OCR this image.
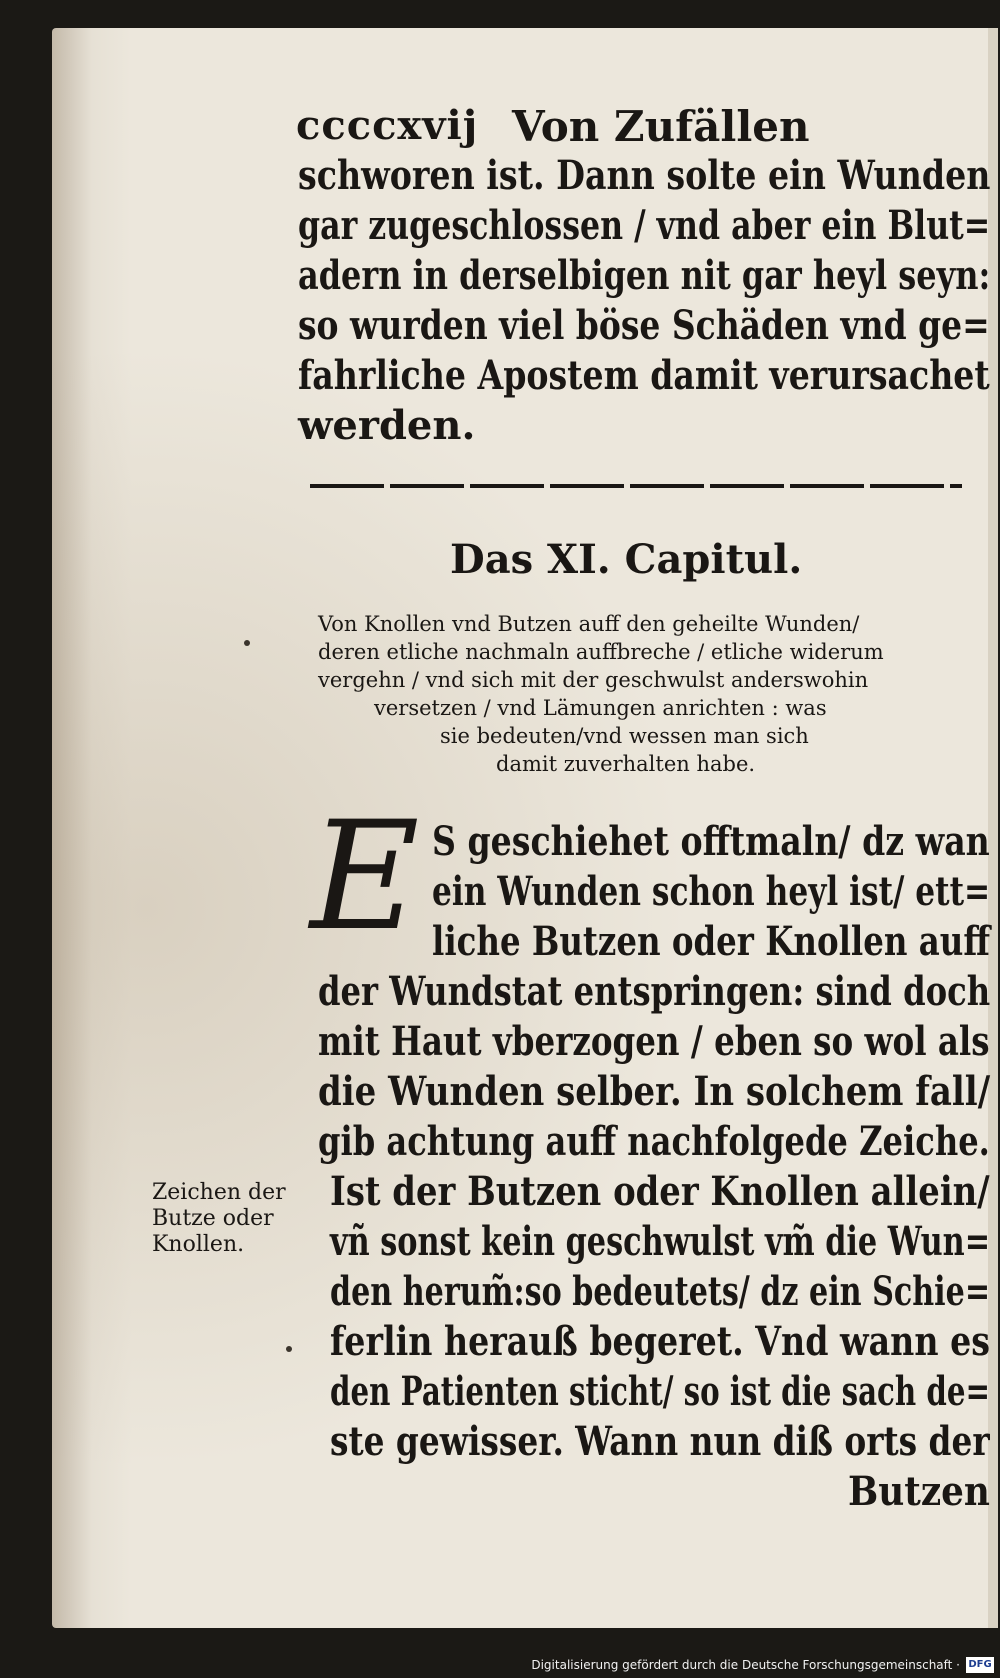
ccccxvij Von Zufällen
schworen ist. Dann solte ein Wunden
gar zugeschlossen / vnd aber ein Blut=
adern in derselbigen nit gar heyl seyn:
so wurden viel böse Schäden vnd ge=
fahrliche Apostem damit verursachet
werden.
Das XI. Capitul.
Von Knollen vnd Butzen auff den geheilte Wunden/
deren etliche nachmaln auffbreche / etliche widerum
vergehn / vnd sich mit der geschwulst anderswohin
versetzen / vnd Lämungen anrichten : was
sie bedeuten/vnd wessen man sich
damit zuverhalten habe.
E S geschiehet offtmaln/ dz wan
ein Wunden schon heyl ist/ ett=
liche Butzen oder Knollen auff
der Wundstat entspringen: sind doch
mit Haut vberzogen / eben so wol als
die Wunden selber. In solchem fall/
gib achtung auff nachfolgede Zeiche.
Ist der Butzen oder Knollen allein/
vñ sonst kein geschwulst vm̃ die Wun=
den herum̃:so bedeutets/ dz ein Schie=
ferlin herauß begeret. Vnd wann es
den Patienten sticht/ so ist die sach de=
ste gewisser. Wann nun diß orts der
Butzen
Zeichen der
Butze oder
Knollen.
Digitalisierung gefördert durch die Deutsche Forschungsgemeinschaft · DFG
